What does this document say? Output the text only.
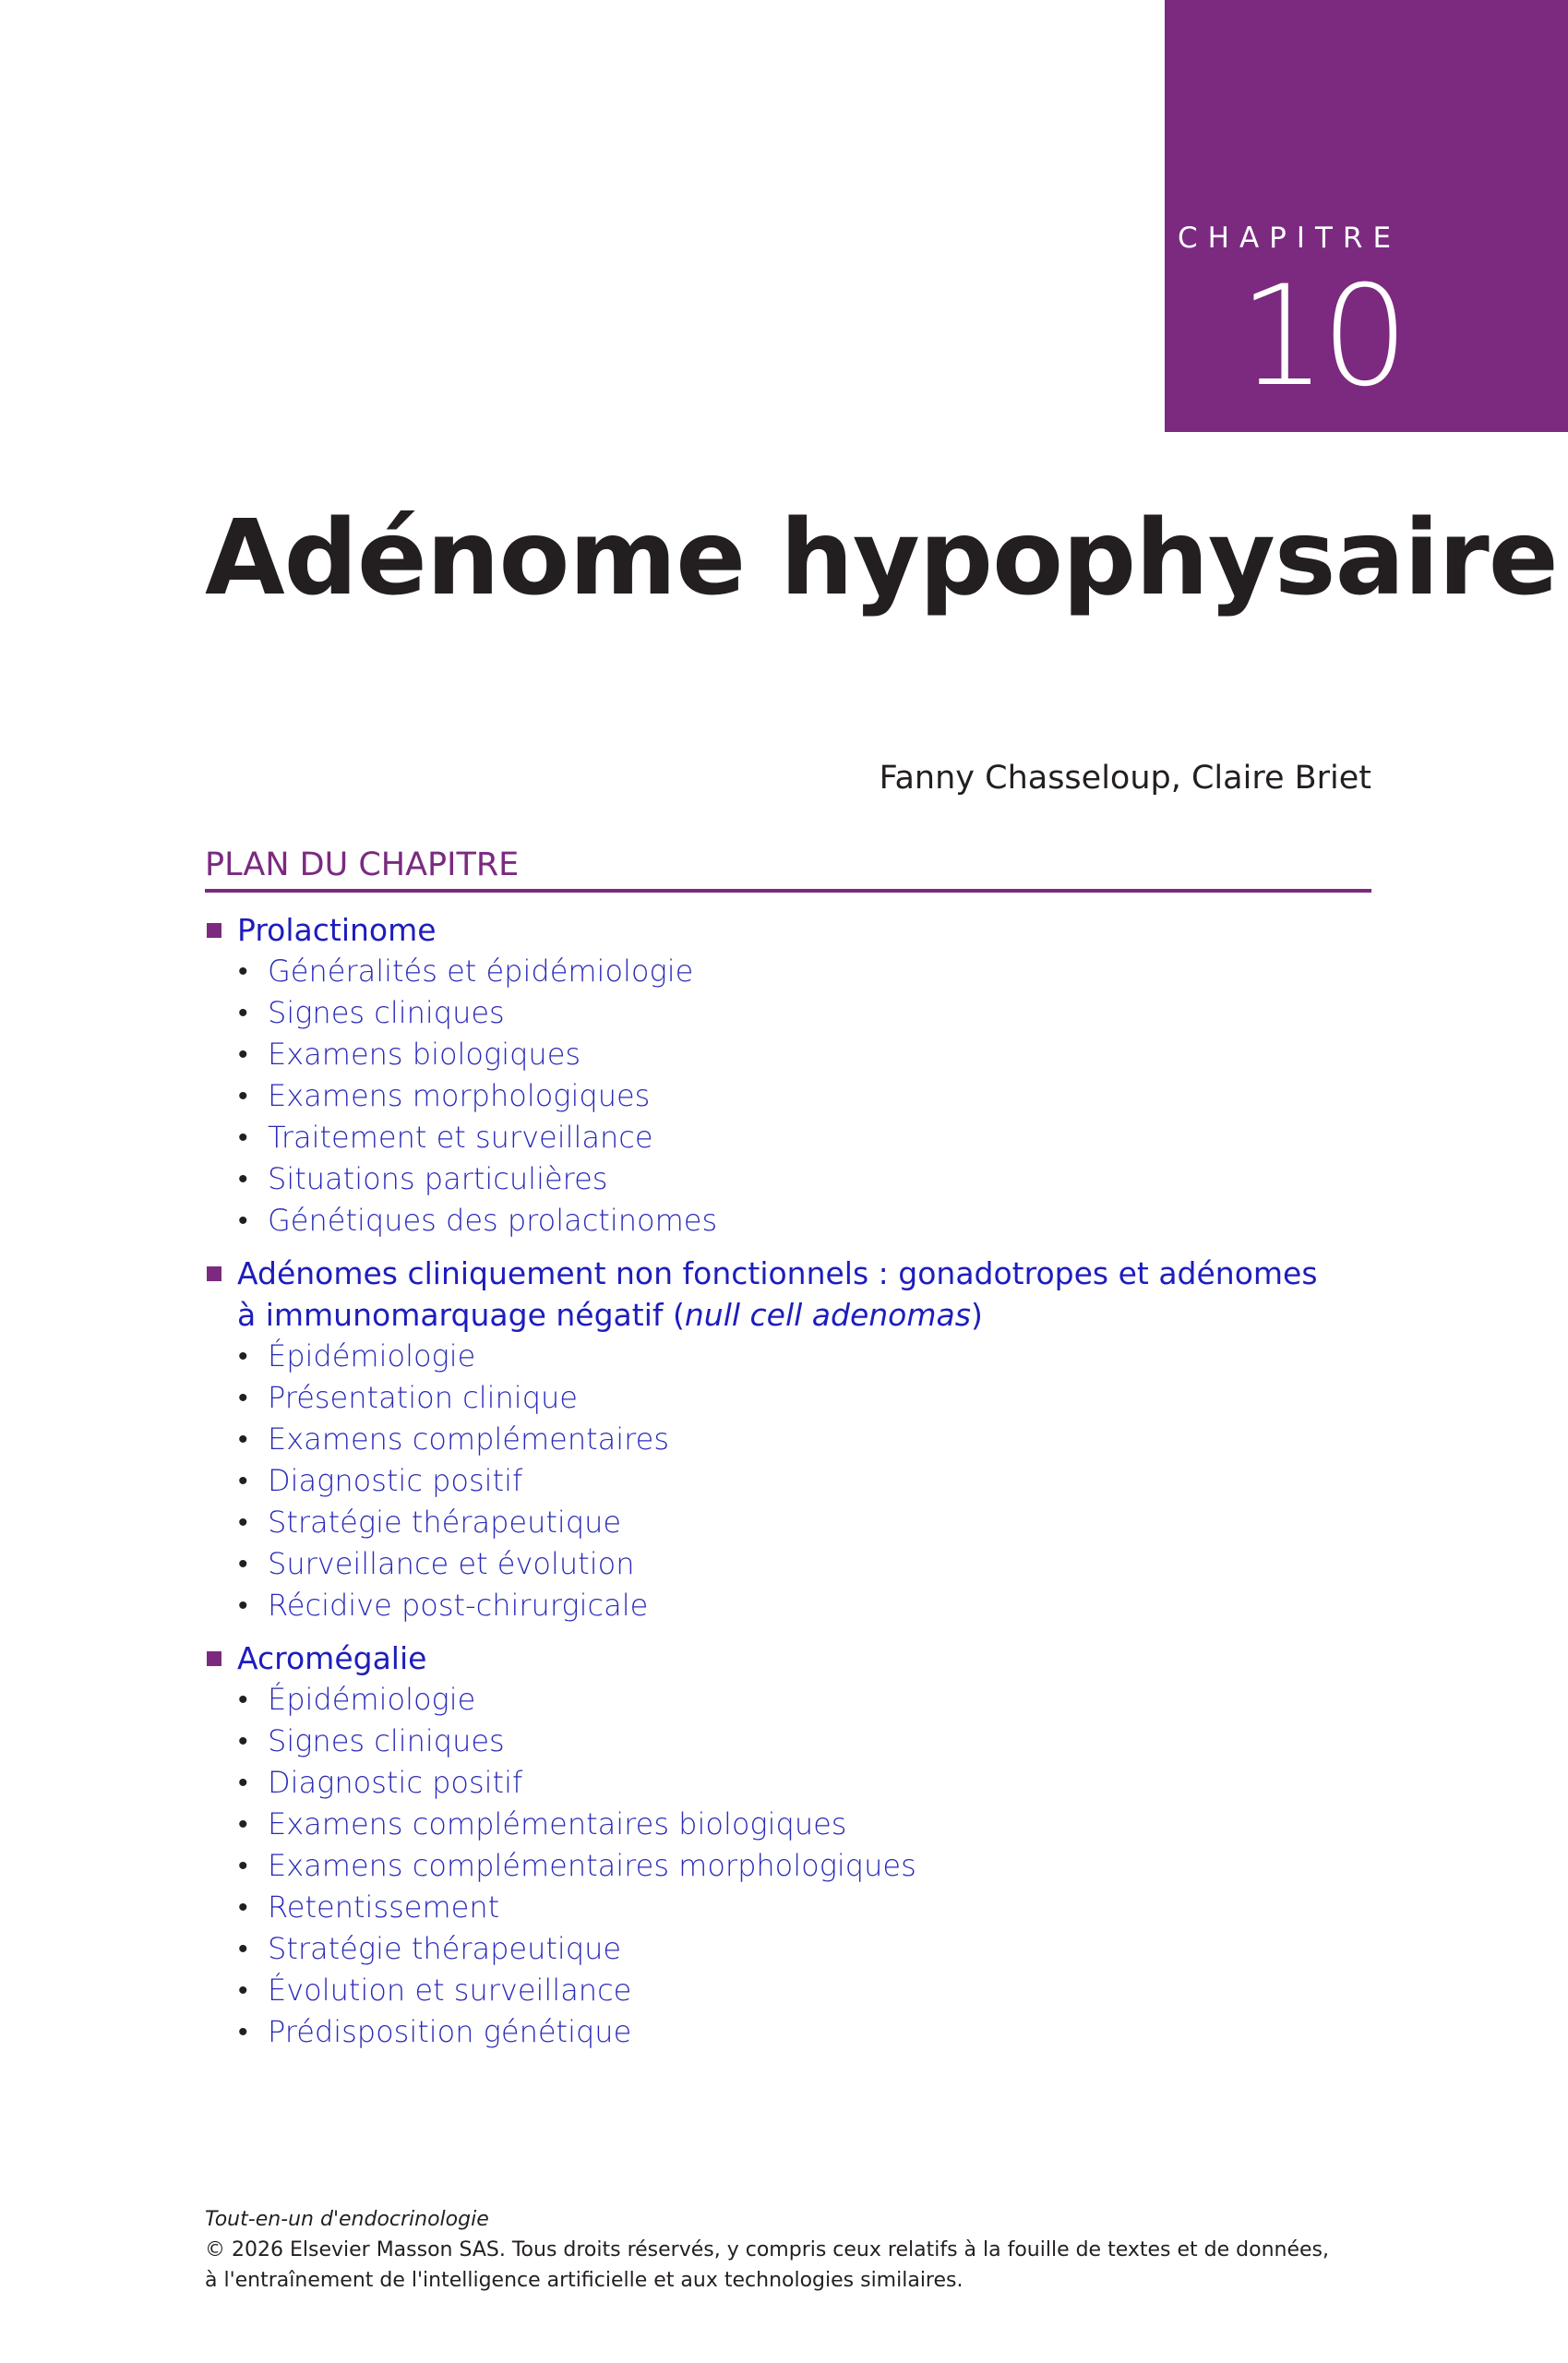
CHAPITRE
10
Adénome hypophysaire
Fanny Chasseloup, Claire Briet
PLAN DU CHAPITRE
Prolactinome
• Généralités et épidémiologie
• Signes cliniques
• Examens biologiques
• Examens morphologiques
• Traitement et surveillance
• Situations particulières
• Génétiques des prolactinomes
Adénomes cliniquement non fonctionnels : gonadotropes et adénomes
à immunomarquage négatif (null cell adenomas)
• Épidémiologie
• Présentation clinique
• Examens complémentaires
• Diagnostic positif
• Stratégie thérapeutique
• Surveillance et évolution
• Récidive post-chirurgicale
Acromégalie
• Épidémiologie
• Signes cliniques
• Diagnostic positif
• Examens complémentaires biologiques
• Examens complémentaires morphologiques
• Retentissement
• Stratégie thérapeutique
• Évolution et surveillance
• Prédisposition génétique
Tout-en-un d'endocrinologie
© 2026 Elsevier Masson SAS. Tous droits réservés, y compris ceux relatifs à la fouille de textes et de données,
à l'entraînement de l'intelligence artificielle et aux technologies similaires.
